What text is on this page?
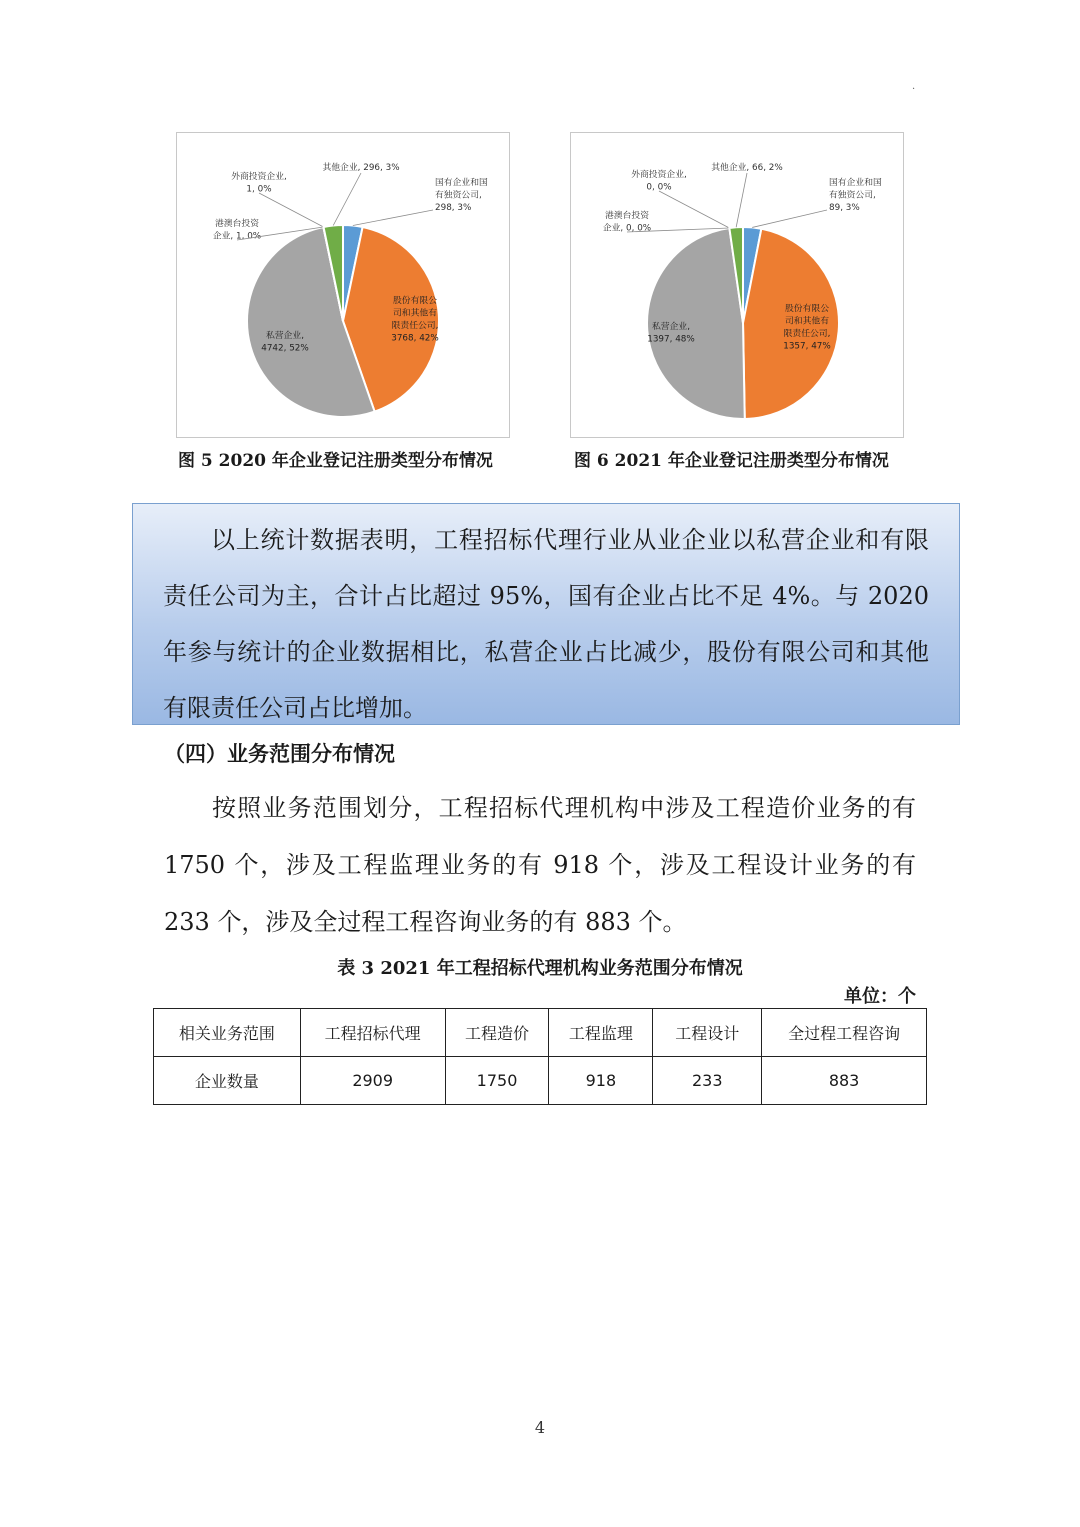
·
国有企业和国
有独资公司,
298, 3%
股份有限公
司和其他有
限责任公司,
3768, 42%
私营企业,
4742, 52%
港澳台投资
企业, 1, 0%
外商投资企业,
1, 0%
其他企业, 296, 3%
图 5 2020 年企业登记注册类型分布情况
国有企业和国
有独资公司,
89, 3%
股份有限公
司和其他有
限责任公司,
1357, 47%
私营企业,
1397, 48%
港澳台投资
企业, 0, 0%
外商投资企业,
0, 0%
其他企业, 66, 2%
图 6 2021 年企业登记注册类型分布情况

以上统计数据表明，工程招标代理行业从业企业以私营企业和有限责任公司为主，合计占比超过 95%，国有企业占比不足 4%。与 2020 年参与统计的企业数据相比，私营企业占比减少，股份有限公司和其他有限责任公司占比增加。

（四）业务范围分布情况

按照业务范围划分，工程招标代理机构中涉及工程造价业务的有 1750 个，涉及工程监理业务的有 918 个，涉及工程设计业务的有 233 个，涉及全过程工程咨询业务的有 883 个。

表 3 2021 年工程招标代理机构业务范围分布情况
单位：个
相关业务范围	工程招标代理	工程造价	工程监理	工程设计	全过程工程咨询
企业数量	2909	1750	918	233	883
4
